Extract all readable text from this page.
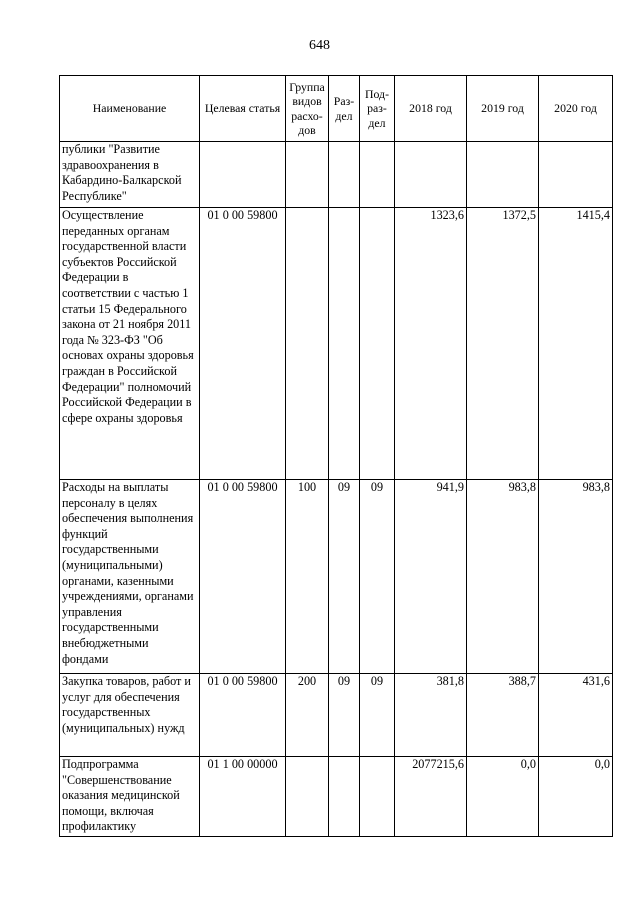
648
Наименование	Целевая статья	Группа видов расхо-дов	Раз-дел	Под-раз-дел	2018 год	2019 год	2020 год
публики "Развитие здравоохранения в Кабардино-Балкарской Республике"							
Осуществление переданных органам государственной власти субъектов Российской Федерации в соответствии с частью 1 статьи 15 Федерального закона от 21 ноября 2011 года № 323-ФЗ "Об основах охраны здоровья граждан в Российской Федерации" полномочий Российской Федерации в сфере охраны здоровья	01 0 00 59800				1323,6	1372,5	1415,4
Расходы на выплаты персоналу в целях обеспечения выполнения функций государственными (муниципальными) органами, казенными учреждениями, органами управления государственными внебюджетными фондами	01 0 00 59800	100	09	09	941,9	983,8	983,8
Закупка товаров, работ и услуг для обеспечения государственных (муниципальных) нужд	01 0 00 59800	200	09	09	381,8	388,7	431,6
Подпрограмма "Совершенствование оказания медицинской помощи, включая профилактику	01 1 00 00000				2077215,6	0,0	0,0
